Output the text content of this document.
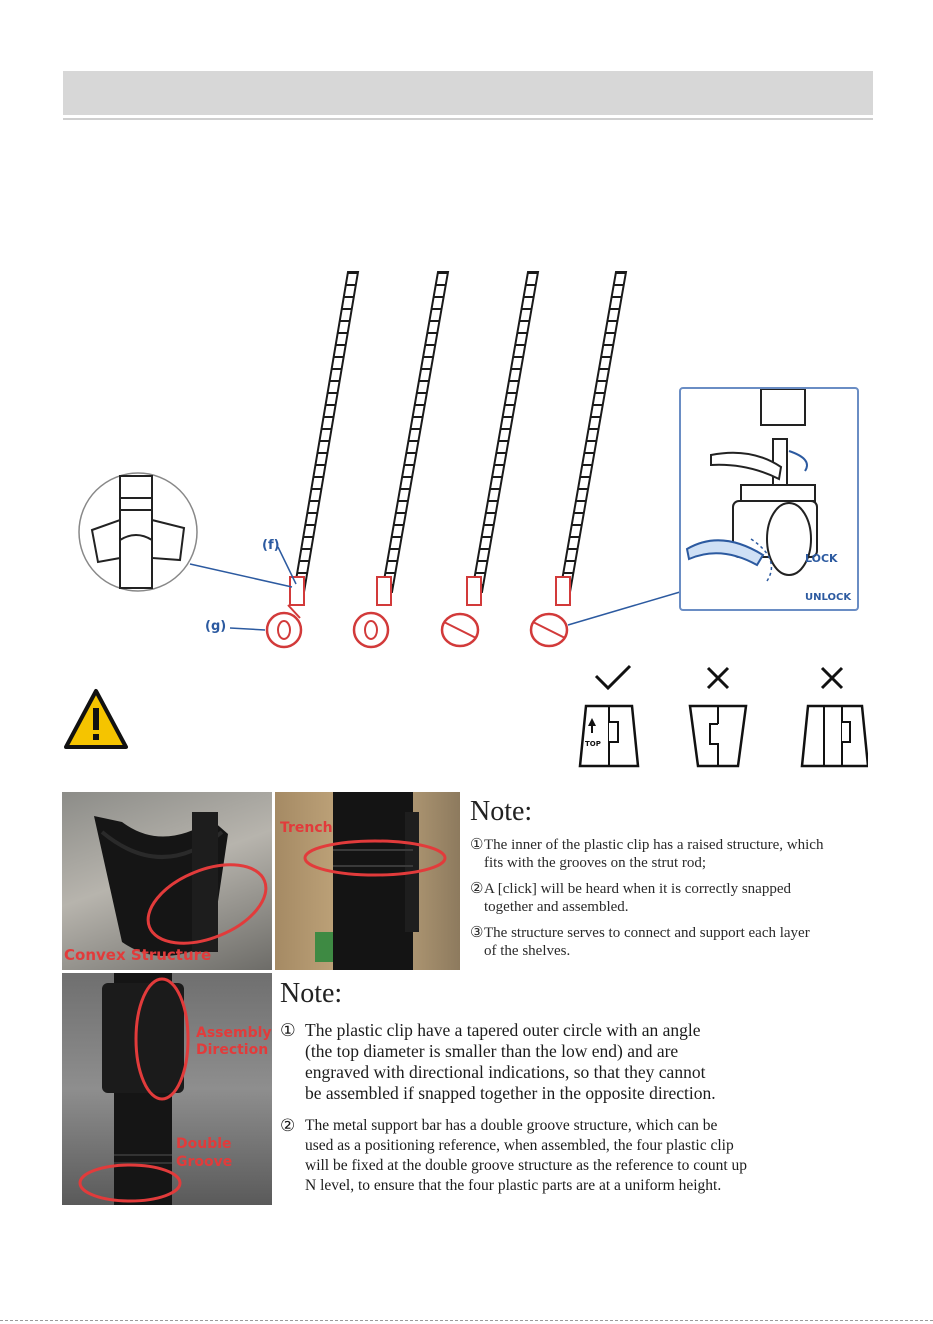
(f)
(g)
LOCK
UNLOCK
TOP
Convex Structure
Trench
Assembly
Direction
Double
Groove
Note:
① The inner of the plastic clip has a raised structure, which
fits with the grooves on the strut rod;
② A [click] will be heard when it is correctly snapped
together and assembled.
③ The structure serves to connect and support each layer
of the shelves.
Note:
① The plastic clip have a tapered outer circle with an angle
(the top diameter is smaller than the low end) and are
engraved with directional indications, so that they cannot
be assembled if snapped together in the opposite direction.
② The metal support bar has a double groove structure, which can be
used as a positioning reference, when assembled, the four plastic clip
will be fixed at the double groove structure as the reference to count up
N level, to ensure that the four plastic parts are at a uniform height.
